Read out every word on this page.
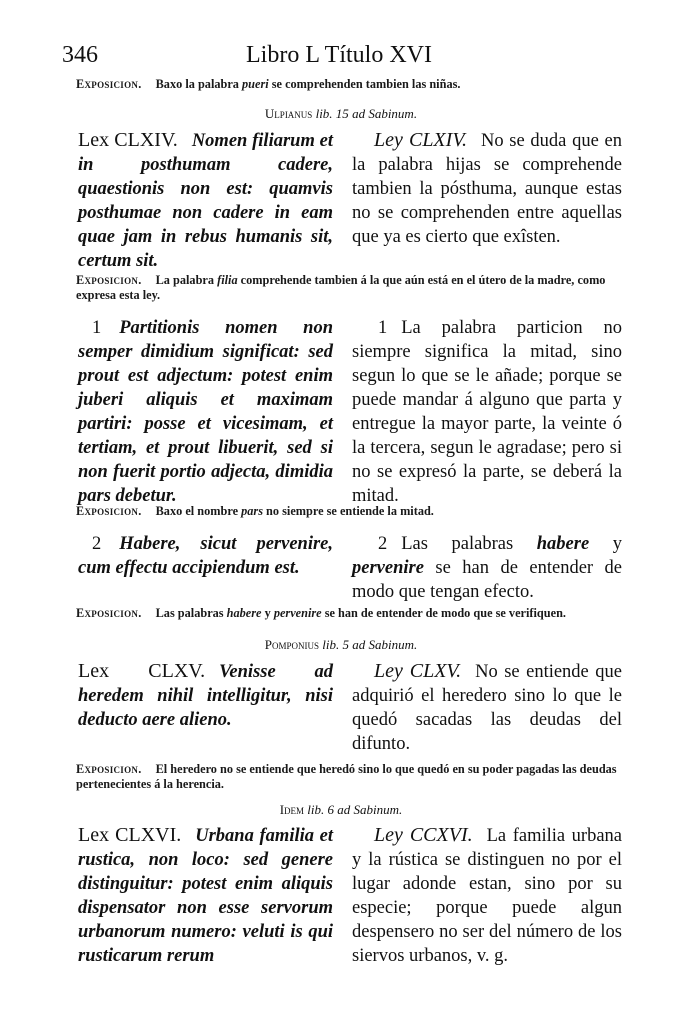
346	Libro L Título XVI
Exposicion. Baxo la palabra pueri se comprehenden tambien las niñas.
Ulpianus lib. 15 ad Sabinum.
Lex CLXIV. Nomen filiarum et in posthumam cadere, quaestionis non est: quamvis posthumae non cadere in eam quae jam in rebus humanis sit, certum sit.
Ley CLXIV. No se duda que en la palabra hijas se comprehende tambien la pósthuma, aunque estas no se comprehenden entre aquellas que ya es cierto que exîsten.
Exposicion. La palabra filia comprehende tambien á la que aún está en el útero de la madre, como expresa esta ley.
1 Partitionis nomen non semper dimidium significat: sed prout est adjectum: potest enim juberi aliquis et maximam partiri: posse et vicesimam, et tertiam, et prout libuerit, sed si non fuerit portio adjecta, dimidia pars debetur.
1 La palabra particion no siempre significa la mitad, sino segun lo que se le añade; porque se puede mandar á alguno que parta y entregue la mayor parte, la veinte ó la tercera, segun le agradase; pero si no se expresó la parte, se deberá la mitad.
Exposicion. Baxo el nombre pars no siempre se entiende la mitad.
2 Habere, sicut pervenire, cum effectu accipiendum est.
2 Las palabras habere y pervenire se han de entender de modo que tengan efecto.
Exposicion. Las palabras habere y pervenire se han de entender de modo que se verifiquen.
Pomponius lib. 5 ad Sabinum.
Lex CLXV. Venisse ad heredem nihil intelligitur, nisi deducto aere alieno.
Ley CLXV. No se entiende que adquirió el heredero sino lo que le quedó sacadas las deudas del difunto.
Exposicion. El heredero no se entiende que heredó sino lo que quedó en su poder pagadas las deudas pertenecientes á la herencia.
Idem lib. 6 ad Sabinum.
Lex CLXVI. Urbana familia et rustica, non loco: sed genere distinguitur: potest enim aliquis dispensator non esse servorum urbanorum numero: veluti is qui rusticarum rerum
Ley CCXVI. La familia urbana y la rústica se distinguen no por el lugar adonde estan, sino por su especie; porque puede algun despensero no ser del número de los siervos urbanos, v. g.
